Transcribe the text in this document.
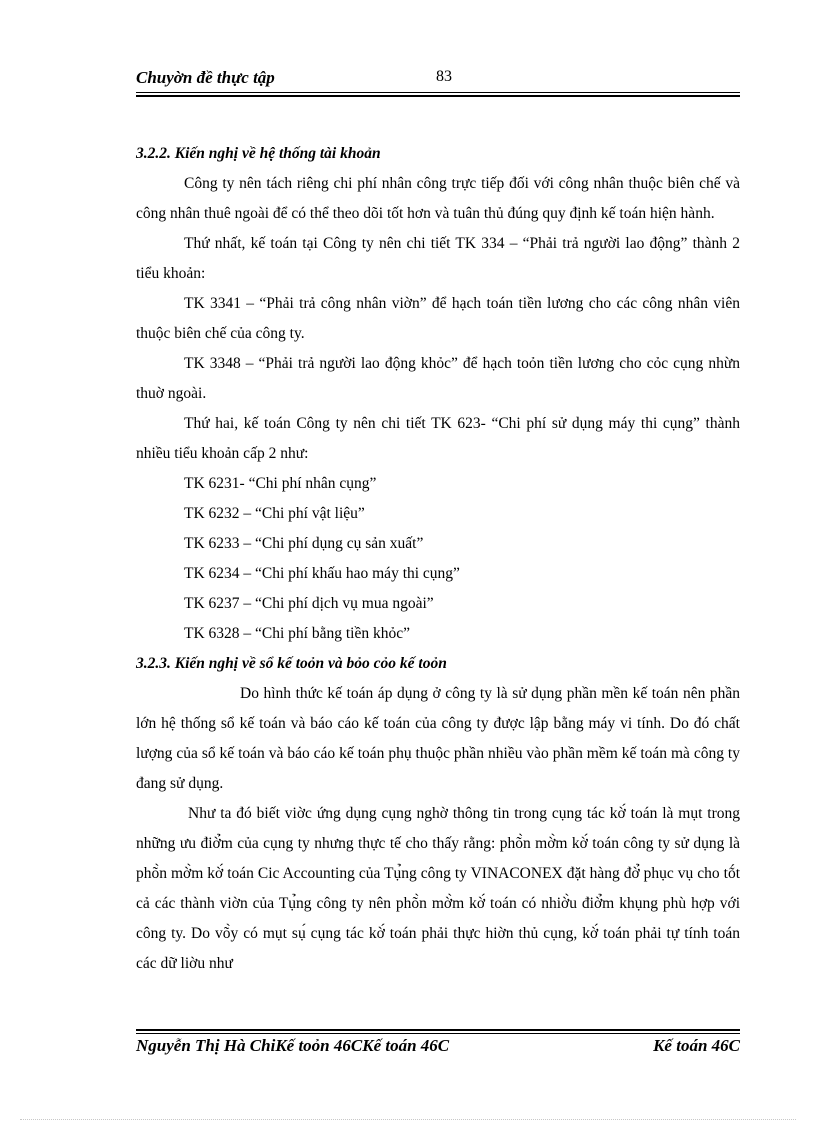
Chuyờn đề thực tập	83

3.2.2. Kiến nghị về hệ thống tài khoản

Công ty nên tách riêng chi phí nhân công trực tiếp đối với công nhân thuộc biên chế và công nhân thuê ngoài để có thể theo dõi tốt hơn và tuân thủ đúng quy định kế toán hiện hành.

Thứ nhất, kế toán tại Công ty nên chi tiết TK 334 – “Phải trả người lao động” thành 2 tiểu khoản:

TK 3341 – “Phải trả công nhân viờn” để hạch toán tiền lương cho các công nhân viên thuộc biên chế của công ty.

TK 3348 – “Phải trả người lao động khỏc” để hạch toỏn tiền lương cho cỏc cụng nhừn thuờ ngoài.

Thứ hai, kế toán Công ty nên chi tiết TK 623- “Chi phí sử dụng máy thi cụng” thành nhiều tiểu khoản cấp 2 như:

TK 6231- “Chi phí nhân cụng”

TK 6232 – “Chi phí vật liệu”

TK 6233 – “Chi phí dụng cụ sản xuất”

TK 6234 – “Chi phí khấu hao máy thi cụng”

TK 6237 – “Chi phí dịch vụ mua ngoài”

TK 6328 – “Chi phí bằng tiền khỏc”

3.2.3. Kiến nghị về sổ kế toỏn và bỏo cỏo kế toỏn

Do hình thức kế toán áp dụng ở công ty là sử dụng phần mền kế toán nên phần lớn hệ thống sổ kế toán và báo cáo kế toán của công ty được lập bằng máy vi tính. Do đó chất lượng của sổ kế toán và báo cáo kế toán phụ thuộc phần nhiều vào phần mềm kế toán mà công ty đang sử dụng.

Như ta đó biết viờc ứng dụng cụng nghờ thông tin trong cụng tác kờ́ toán là mụt trong những ưu điờ̉m của cụng ty nhưng thực tế cho thấy rằng: phõ̀n mờ̀m kờ́ toán công ty sử dụng là phõ̀n mờ̀m kờ́ toán Cic Accounting của Tụ̉ng công ty VINACONEX đặt hàng đờ̉ phục vụ cho tṍt cả các thành viờn của Tụ̉ng công ty nên phõ̀n mờ̀m kờ́ toán có nhiờ̀u điờ̉m khụng phù hợp với công ty. Do võ̀y có mụt sụ́ cụng tác kờ́ toán phải thực hiờn thủ cụng, kờ́ toán phải tự tính toán các dữ liờu như

Nguyễn Thị Hà ChiKế toỏn 46CKế toán 46C	Kế toán 46C
